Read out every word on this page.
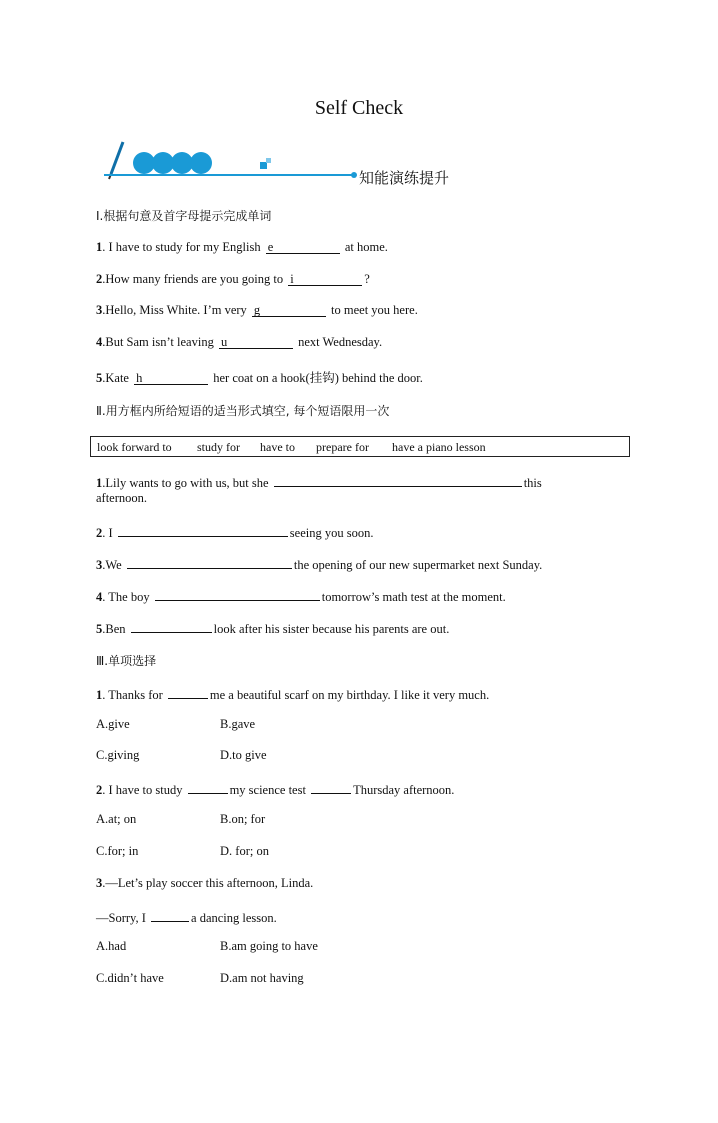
Self Check
知能演练提升
Ⅰ.根据句意及首字母提示完成单词
1. I have to study for my English e	at home.
2.How many friends are you going to i	?
3.Hello, Miss White. I’m very g	to meet you here.
4.But Sam isn’t leaving u	next Wednesday.
5.Kate h	her coat on a hook(挂钩) behind the door.
Ⅱ.用方框内所给短语的适当形式填空, 每个短语限用一次
look forward to study for have to prepare for have a piano lesson
1.Lily wants to go with us, but she	this
afternoon.
2. I	seeing you soon.
3.We	the opening of our new supermarket next Sunday.
4. The boy	tomorrow’s math test at the moment.
5.Ben	look after his sister because his parents are out.
Ⅲ.单项选择
1. Thanks for	me a beautiful scarf on my birthday. I like it very much.
A.give	B.gave
C.giving	D.to give
2. I have to study	my science test	Thursday afternoon.
A.at; on	B.on; for
C.for; in	D. for; on
3.—Let’s play soccer this afternoon, Linda.
—Sorry, I	a dancing lesson.
A.had	B.am going to have
C.didn’t have	D.am not having
